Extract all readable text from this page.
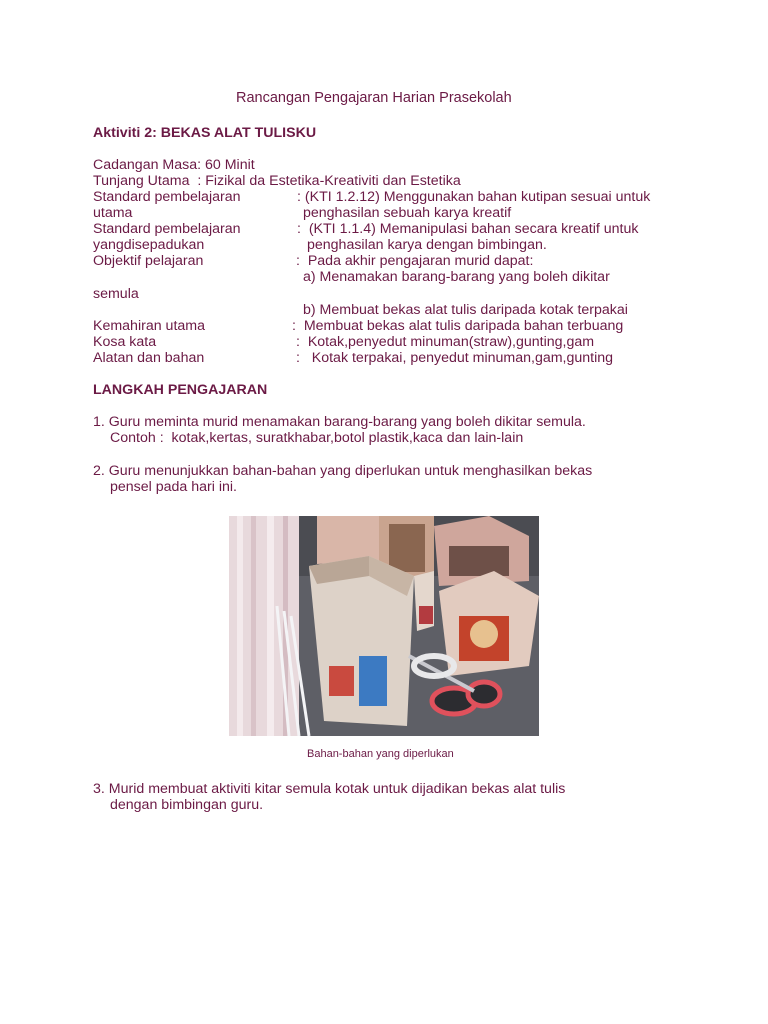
Rancangan Pengajaran Harian Prasekolah
Aktiviti 2: BEKAS ALAT TULISKU
Cadangan Masa: 60 Minit
Tunjang Utama  : Fizikal da Estetika-Kreativiti dan Estetika
Standard pembelajaran	: (KTI 1.2.12) Menggunakan bahan kutipan sesuai untuk
utama	penghasilan sebuah karya kreatif
Standard pembelajaran	:  (KTI 1.1.4) Memanipulasi bahan secara kreatif untuk
yangdisepadukan	penghasilan karya dengan bimbingan.
Objektif pelajaran	:  Pada akhir pengajaran murid dapat:
a) Menamakan barang-barang yang boleh dikitar
semula
b) Membuat bekas alat tulis daripada kotak terpakai
Kemahiran utama	:  Membuat bekas alat tulis daripada bahan terbuang
Kosa kata	:  Kotak,penyedut minuman(straw),gunting,gam
Alatan dan bahan	:   Kotak terpakai, penyedut minuman,gam,gunting
LANGKAH PENGAJARAN
1. Guru meminta murid menamakan barang-barang yang boleh dikitar semula.
Contoh :  kotak,kertas, suratkhabar,botol plastik,kaca dan lain-lain
2. Guru menunjukkan bahan-bahan yang diperlukan untuk menghasilkan bekas
pensel pada hari ini.
Bahan-bahan yang diperlukan
3. Murid membuat aktiviti kitar semula kotak untuk dijadikan bekas alat tulis
dengan bimbingan guru.
